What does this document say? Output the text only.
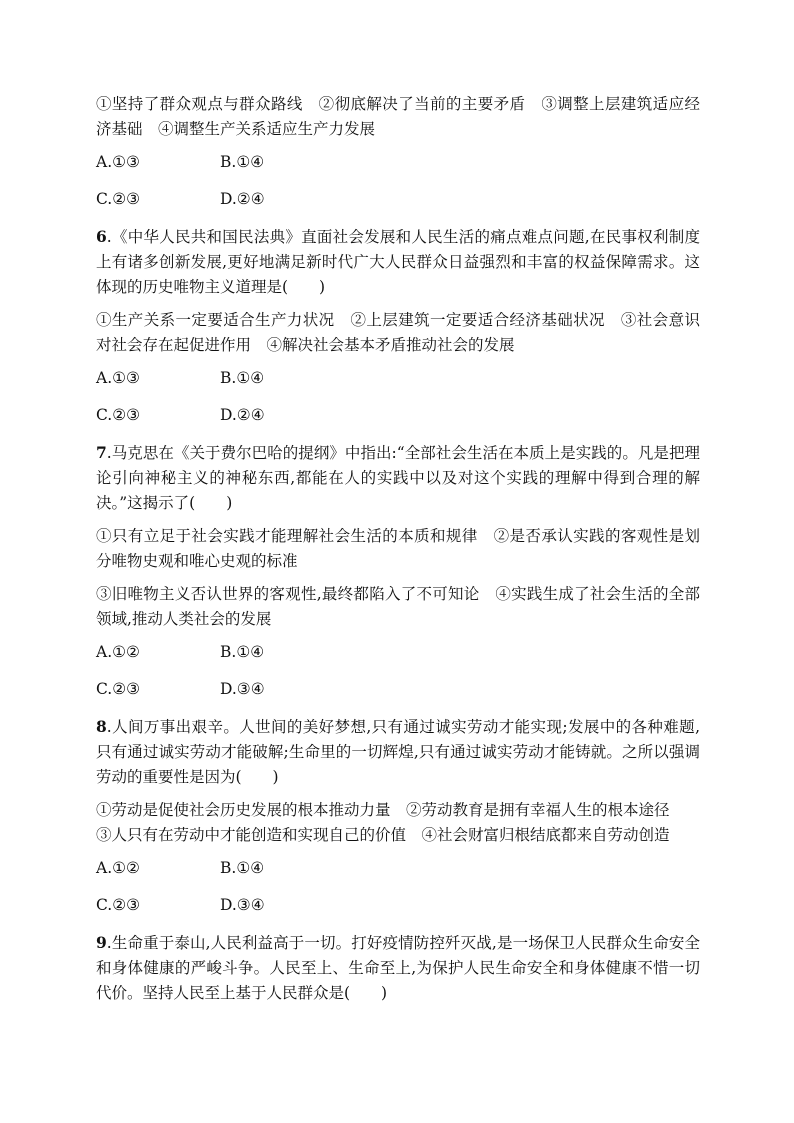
①坚持了群众观点与群众路线　②彻底解决了当前的主要矛盾　③调整上层建筑适应经济基础　④调整生产关系适应生产力发展

A.①③	B.①④
C.②③	D.②④

6.《中华人民共和国民法典》直面社会发展和人民生活的痛点难点问题,在民事权利制度上有诸多创新发展,更好地满足新时代广大人民群众日益强烈和丰富的权益保障需求。这体现的历史唯物主义道理是(　　)

①生产关系一定要适合生产力状况　②上层建筑一定要适合经济基础状况　③社会意识对社会存在起促进作用　④解决社会基本矛盾推动社会的发展

A.①③	B.①④
C.②③	D.②④

7.马克思在《关于费尔巴哈的提纲》中指出:“全部社会生活在本质上是实践的。凡是把理论引向神秘主义的神秘东西,都能在人的实践中以及对这个实践的理解中得到合理的解决。”这揭示了(　　)

①只有立足于社会实践才能理解社会生活的本质和规律　②是否承认实践的客观性是划分唯物史观和唯心史观的标准

③旧唯物主义否认世界的客观性,最终都陷入了不可知论　④实践生成了社会生活的全部领域,推动人类社会的发展

A.①②	B.①④
C.②③	D.③④

8.人间万事出艰辛。人世间的美好梦想,只有通过诚实劳动才能实现;发展中的各种难题,只有通过诚实劳动才能破解;生命里的一切辉煌,只有通过诚实劳动才能铸就。之所以强调劳动的重要性是因为(　　)

①劳动是促使社会历史发展的根本推动力量　②劳动教育是拥有幸福人生的根本途径

③人只有在劳动中才能创造和实现自己的价值　④社会财富归根结底都来自劳动创造

A.①②	B.①④
C.②③	D.③④

9.生命重于泰山,人民利益高于一切。打好疫情防控歼灭战,是一场保卫人民群众生命安全和身体健康的严峻斗争。人民至上、生命至上,为保护人民生命安全和身体健康不惜一切代价。坚持人民至上基于人民群众是(　　)
